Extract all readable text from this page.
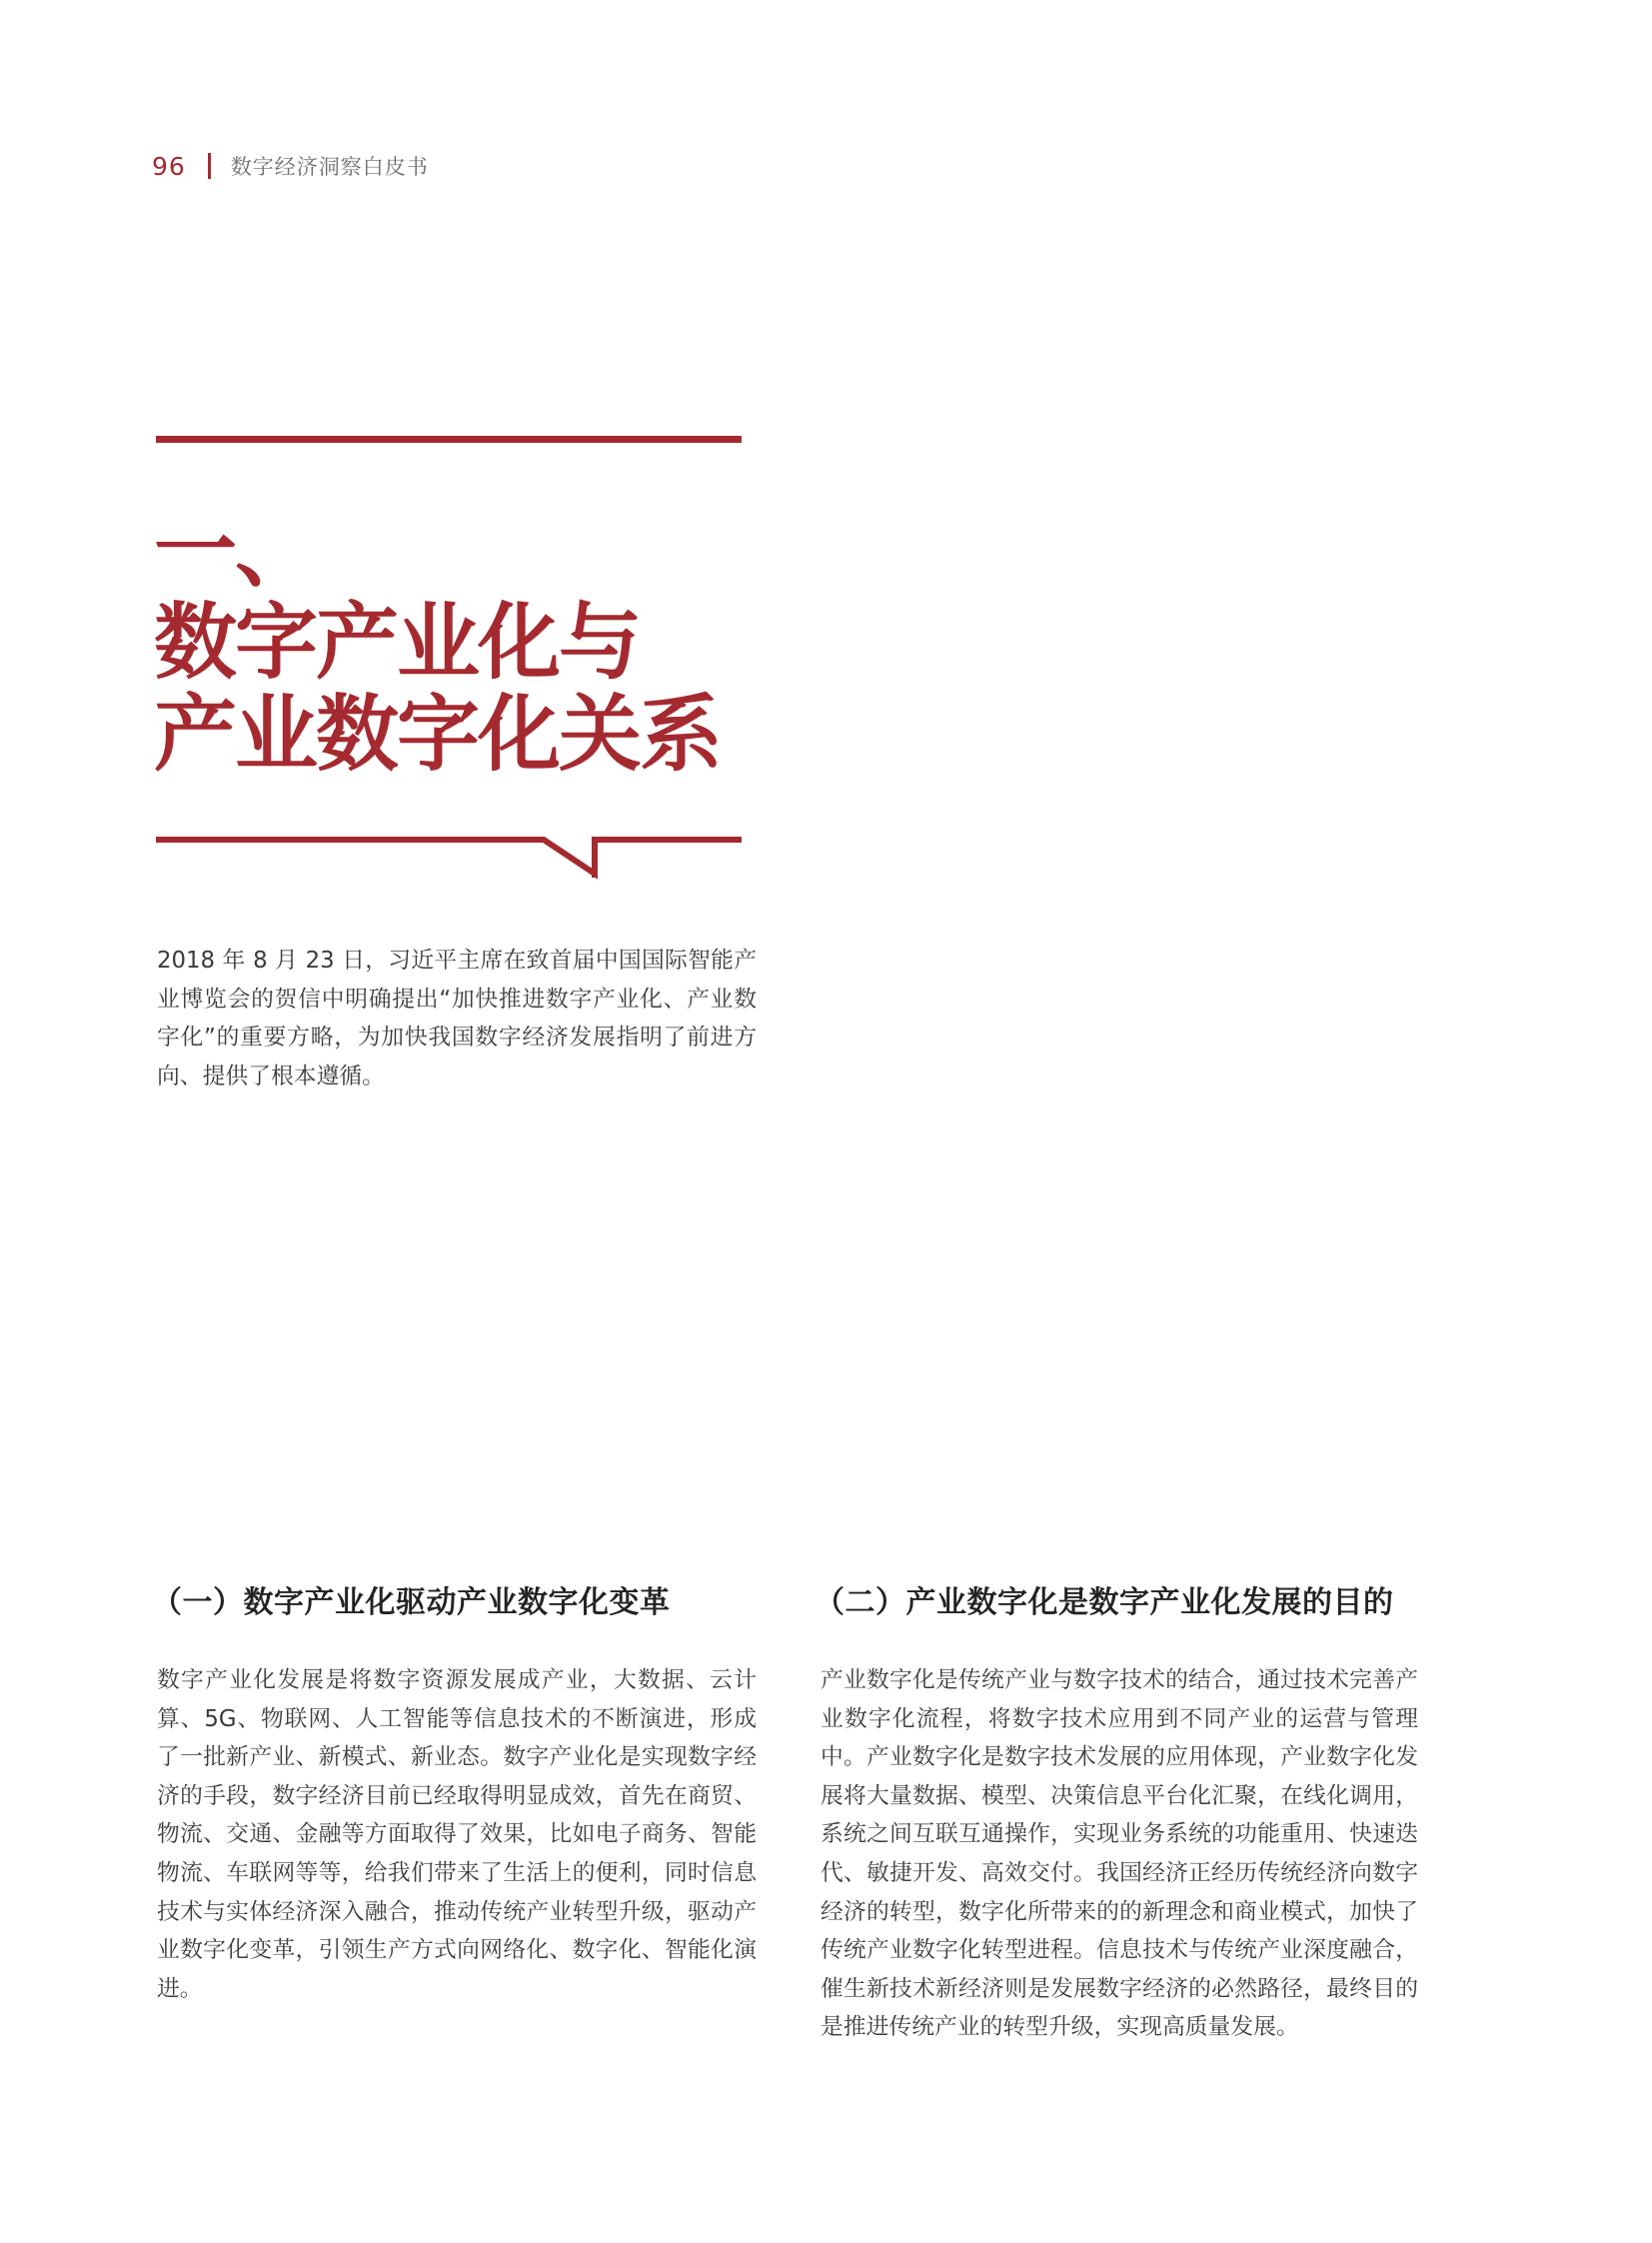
96 数字经济洞察白皮书
一、
数字产业化与
产业数字化关系
2018 年 8 月 23 日，习近平主席在致首届中国国际智能产业博览会的贺信中明确提出“加快推进数字产业化、产业数字化”的重要方略，为加快我国数字经济发展指明了前进方向、提供了根本遵循。
（一）数字产业化驱动产业数字化变革
数字产业化发展是将数字资源发展成产业，大数据、云计算、5G、物联网、人工智能等信息技术的不断演进，形成了一批新产业、新模式、新业态。数字产业化是实现数字经济的手段，数字经济目前已经取得明显成效，首先在商贸、物流、交通、金融等方面取得了效果，比如电子商务、智能物流、车联网等等，给我们带来了生活上的便利，同时信息技术与实体经济深入融合，推动传统产业转型升级，驱动产业数字化变革，引领生产方式向网络化、数字化、智能化演进。
（二）产业数字化是数字产业化发展的目的
产业数字化是传统产业与数字技术的结合，通过技术完善产业数字化流程，将数字技术应用到不同产业的运营与管理中。产业数字化是数字技术发展的应用体现，产业数字化发展将大量数据、模型、决策信息平台化汇聚，在线化调用，系统之间互联互通操作，实现业务系统的功能重用、快速迭代、敏捷开发、高效交付。我国经济正经历传统经济向数字经济的转型，数字化所带来的的新理念和商业模式，加快了传统产业数字化转型进程。信息技术与传统产业深度融合，催生新技术新经济则是发展数字经济的必然路径，最终目的是推进传统产业的转型升级，实现高质量发展。
